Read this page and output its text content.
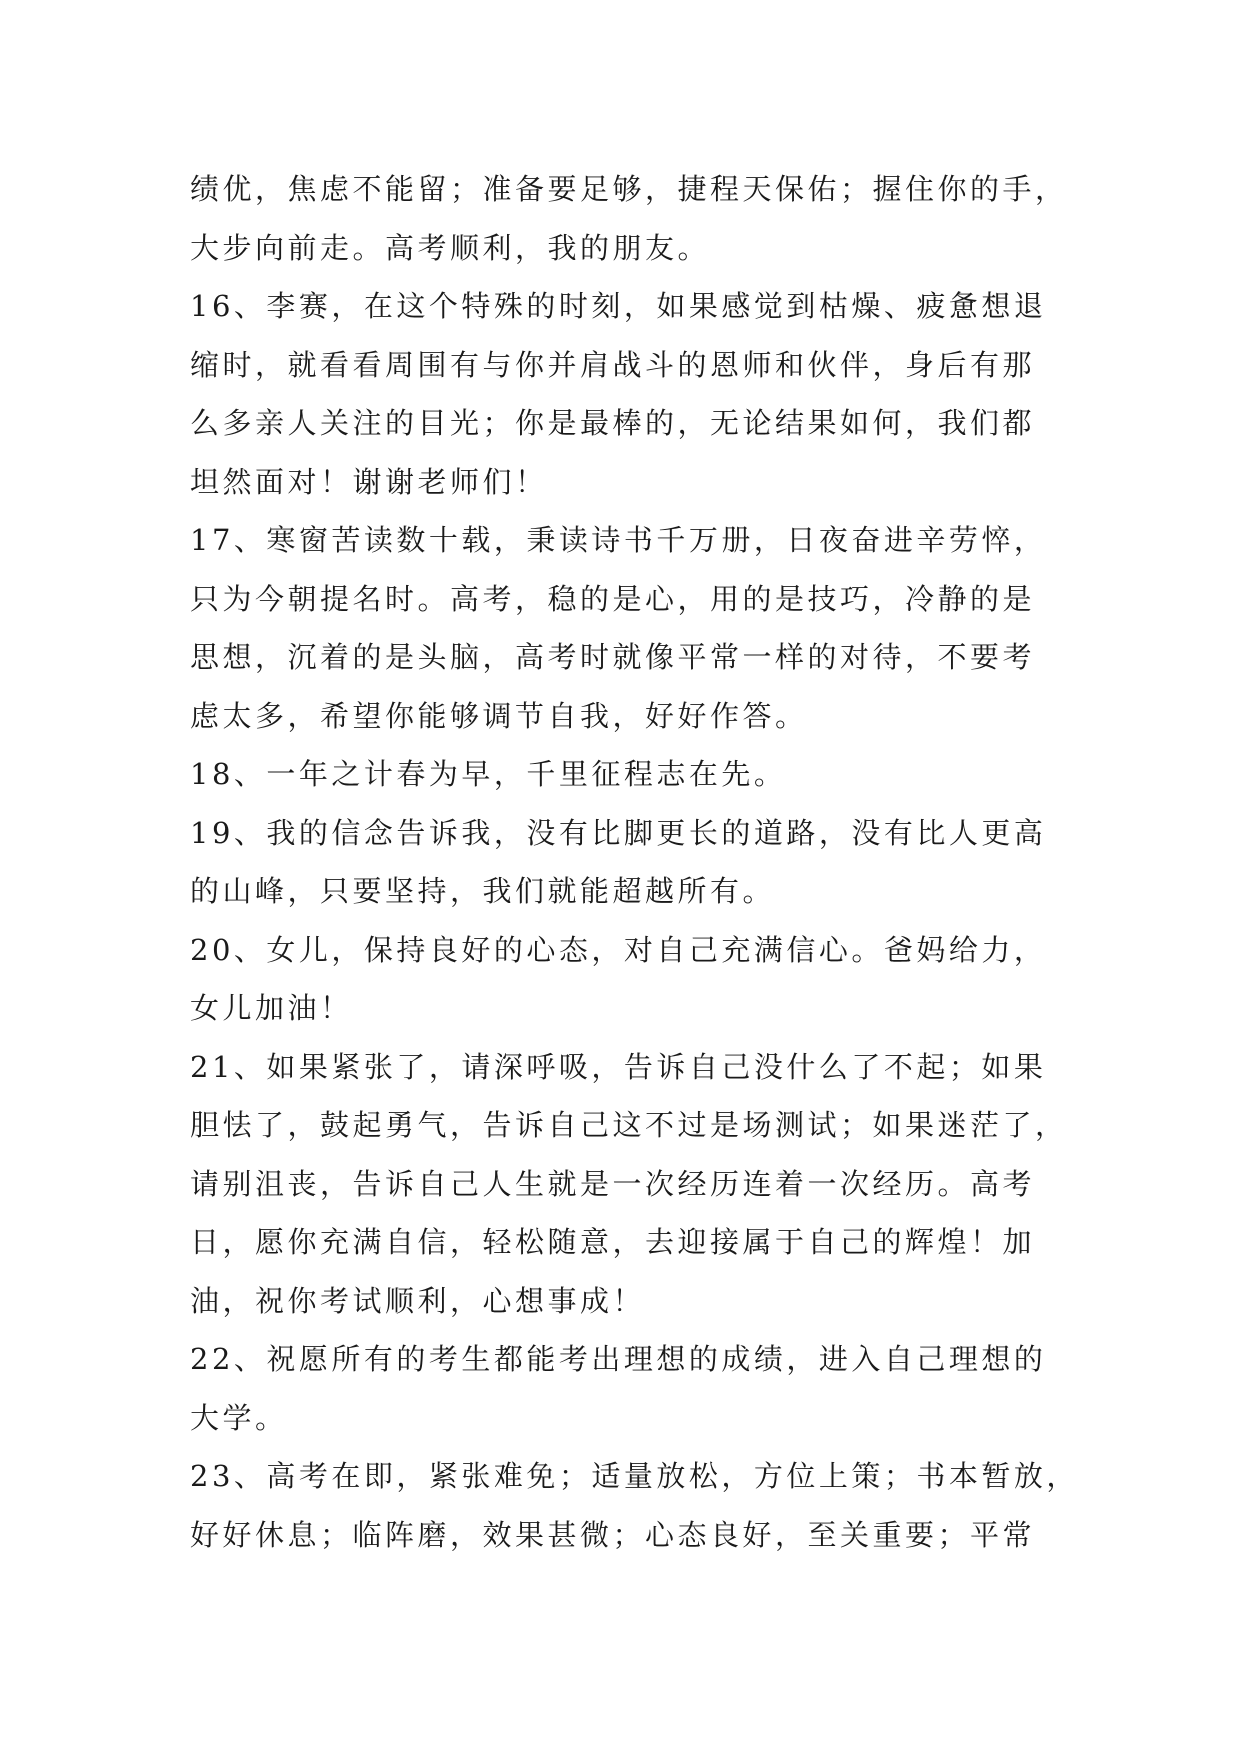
绩优，焦虑不能留；准备要足够，捷程天保佑；握住你的手，
大步向前走。高考顺利，我的朋友。
16、李赛，在这个特殊的时刻，如果感觉到枯燥、疲惫想退
缩时，就看看周围有与你并肩战斗的恩师和伙伴，身后有那
么多亲人关注的目光；你是最棒的，无论结果如何，我们都
坦然面对！谢谢老师们！
17、寒窗苦读数十载，秉读诗书千万册，日夜奋进辛劳悴，
只为今朝提名时。高考，稳的是心，用的是技巧，冷静的是
思想，沉着的是头脑，高考时就像平常一样的对待，不要考
虑太多，希望你能够调节自我，好好作答。
18、一年之计春为早，千里征程志在先。
19、我的信念告诉我，没有比脚更长的道路，没有比人更高
的山峰，只要坚持，我们就能超越所有。
20、女儿，保持良好的心态，对自己充满信心。爸妈给力，
女儿加油！
21、如果紧张了，请深呼吸，告诉自己没什么了不起；如果
胆怯了，鼓起勇气，告诉自己这不过是场测试；如果迷茫了，
请别沮丧，告诉自己人生就是一次经历连着一次经历。高考
日，愿你充满自信，轻松随意，去迎接属于自己的辉煌！加
油，祝你考试顺利，心想事成！
22、祝愿所有的考生都能考出理想的成绩，进入自己理想的
大学。
23、高考在即，紧张难免；适量放松，方位上策；书本暂放，
好好休息；临阵磨，效果甚微；心态良好，至关重要；平常
